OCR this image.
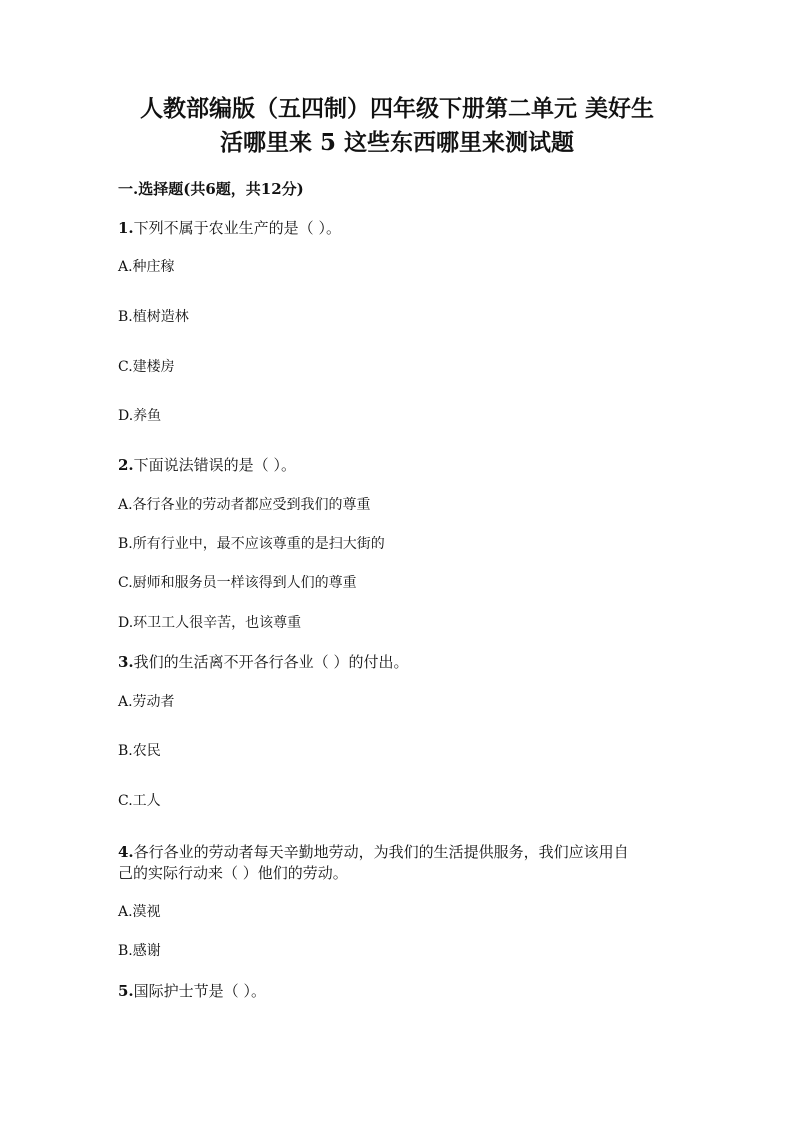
人教部编版（五四制）四年级下册第二单元 美好生
活哪里来 5 这些东西哪里来测试题
一.选择题(共6题，共12分)
1.下列不属于农业生产的是（ ）。
A.种庄稼
B.植树造林
C.建楼房
D.养鱼
2.下面说法错误的是（ ）。
A.各行各业的劳动者都应受到我们的尊重
B.所有行业中，最不应该尊重的是扫大街的
C.厨师和服务员一样该得到人们的尊重
D.环卫工人很辛苦，也该尊重
3.我们的生活离不开各行各业（ ）的付出。
A.劳动者
B.农民
C.工人
4.各行各业的劳动者每天辛勤地劳动，为我们的生活提供服务，我们应该用自
己的实际行动来（ ）他们的劳动。
A.漠视
B.感谢
5.国际护士节是（ ）。
